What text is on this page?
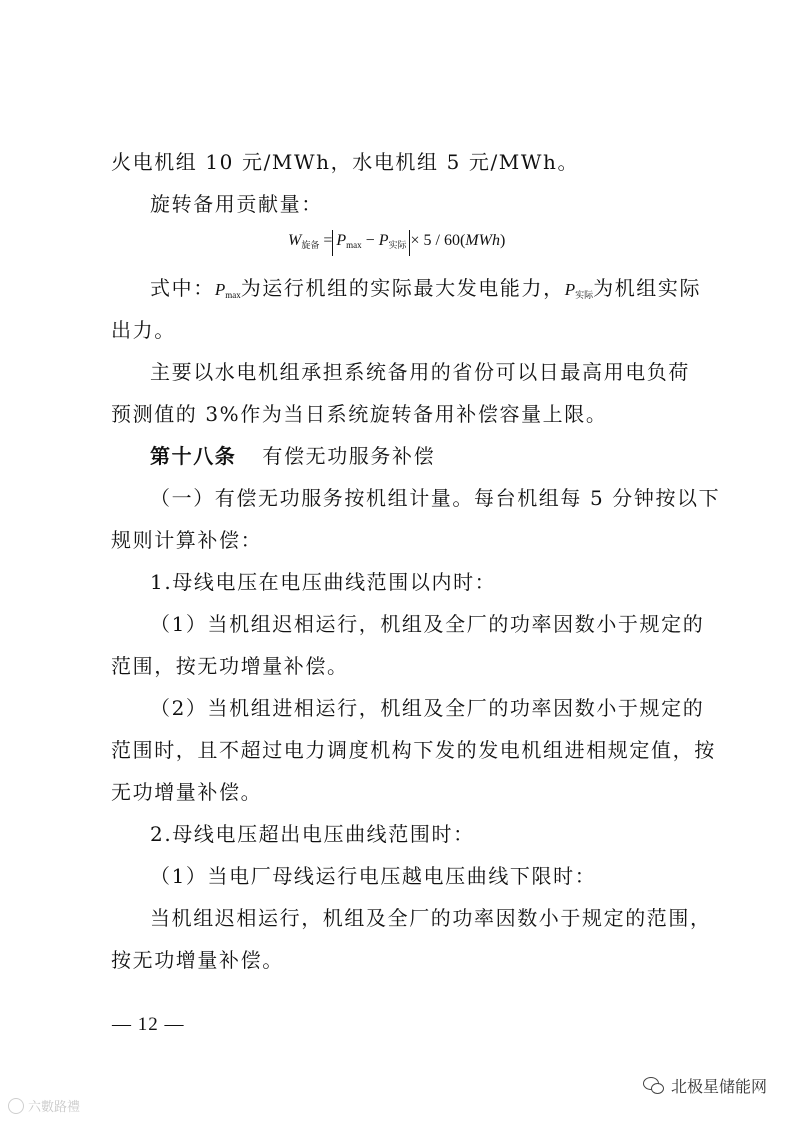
火电机组 10 元/MWh，水电机组 5 元/MWh。
旋转备用贡献量：
$W_{旋备} = P_{max} - P_{实际} \times 5 / 60(MWh)$
式中：$P_{max}$为运行机组的实际最大发电能力，$P_{实际}$为机组实际
出力。
主要以水电机组承担系统备用的省份可以日最高用电负荷
预测值的 3%作为当日系统旋转备用补偿容量上限。
第十八条 有偿无功服务补偿
（一）有偿无功服务按机组计量。每台机组每 5 分钟按以下
规则计算补偿：
1.母线电压在电压曲线范围以内时：
（1）当机组迟相运行，机组及全厂的功率因数小于规定的
范围，按无功增量补偿。
（2）当机组进相运行，机组及全厂的功率因数小于规定的
范围时，且不超过电力调度机构下发的发电机组进相规定值，按
无功增量补偿。
2.母线电压超出电压曲线范围时：
（1）当电厂母线运行电压越电压曲线下限时：
当机组迟相运行，机组及全厂的功率因数小于规定的范围，
按无功增量补偿。
— 12 —
北极星储能网
六數路禮
